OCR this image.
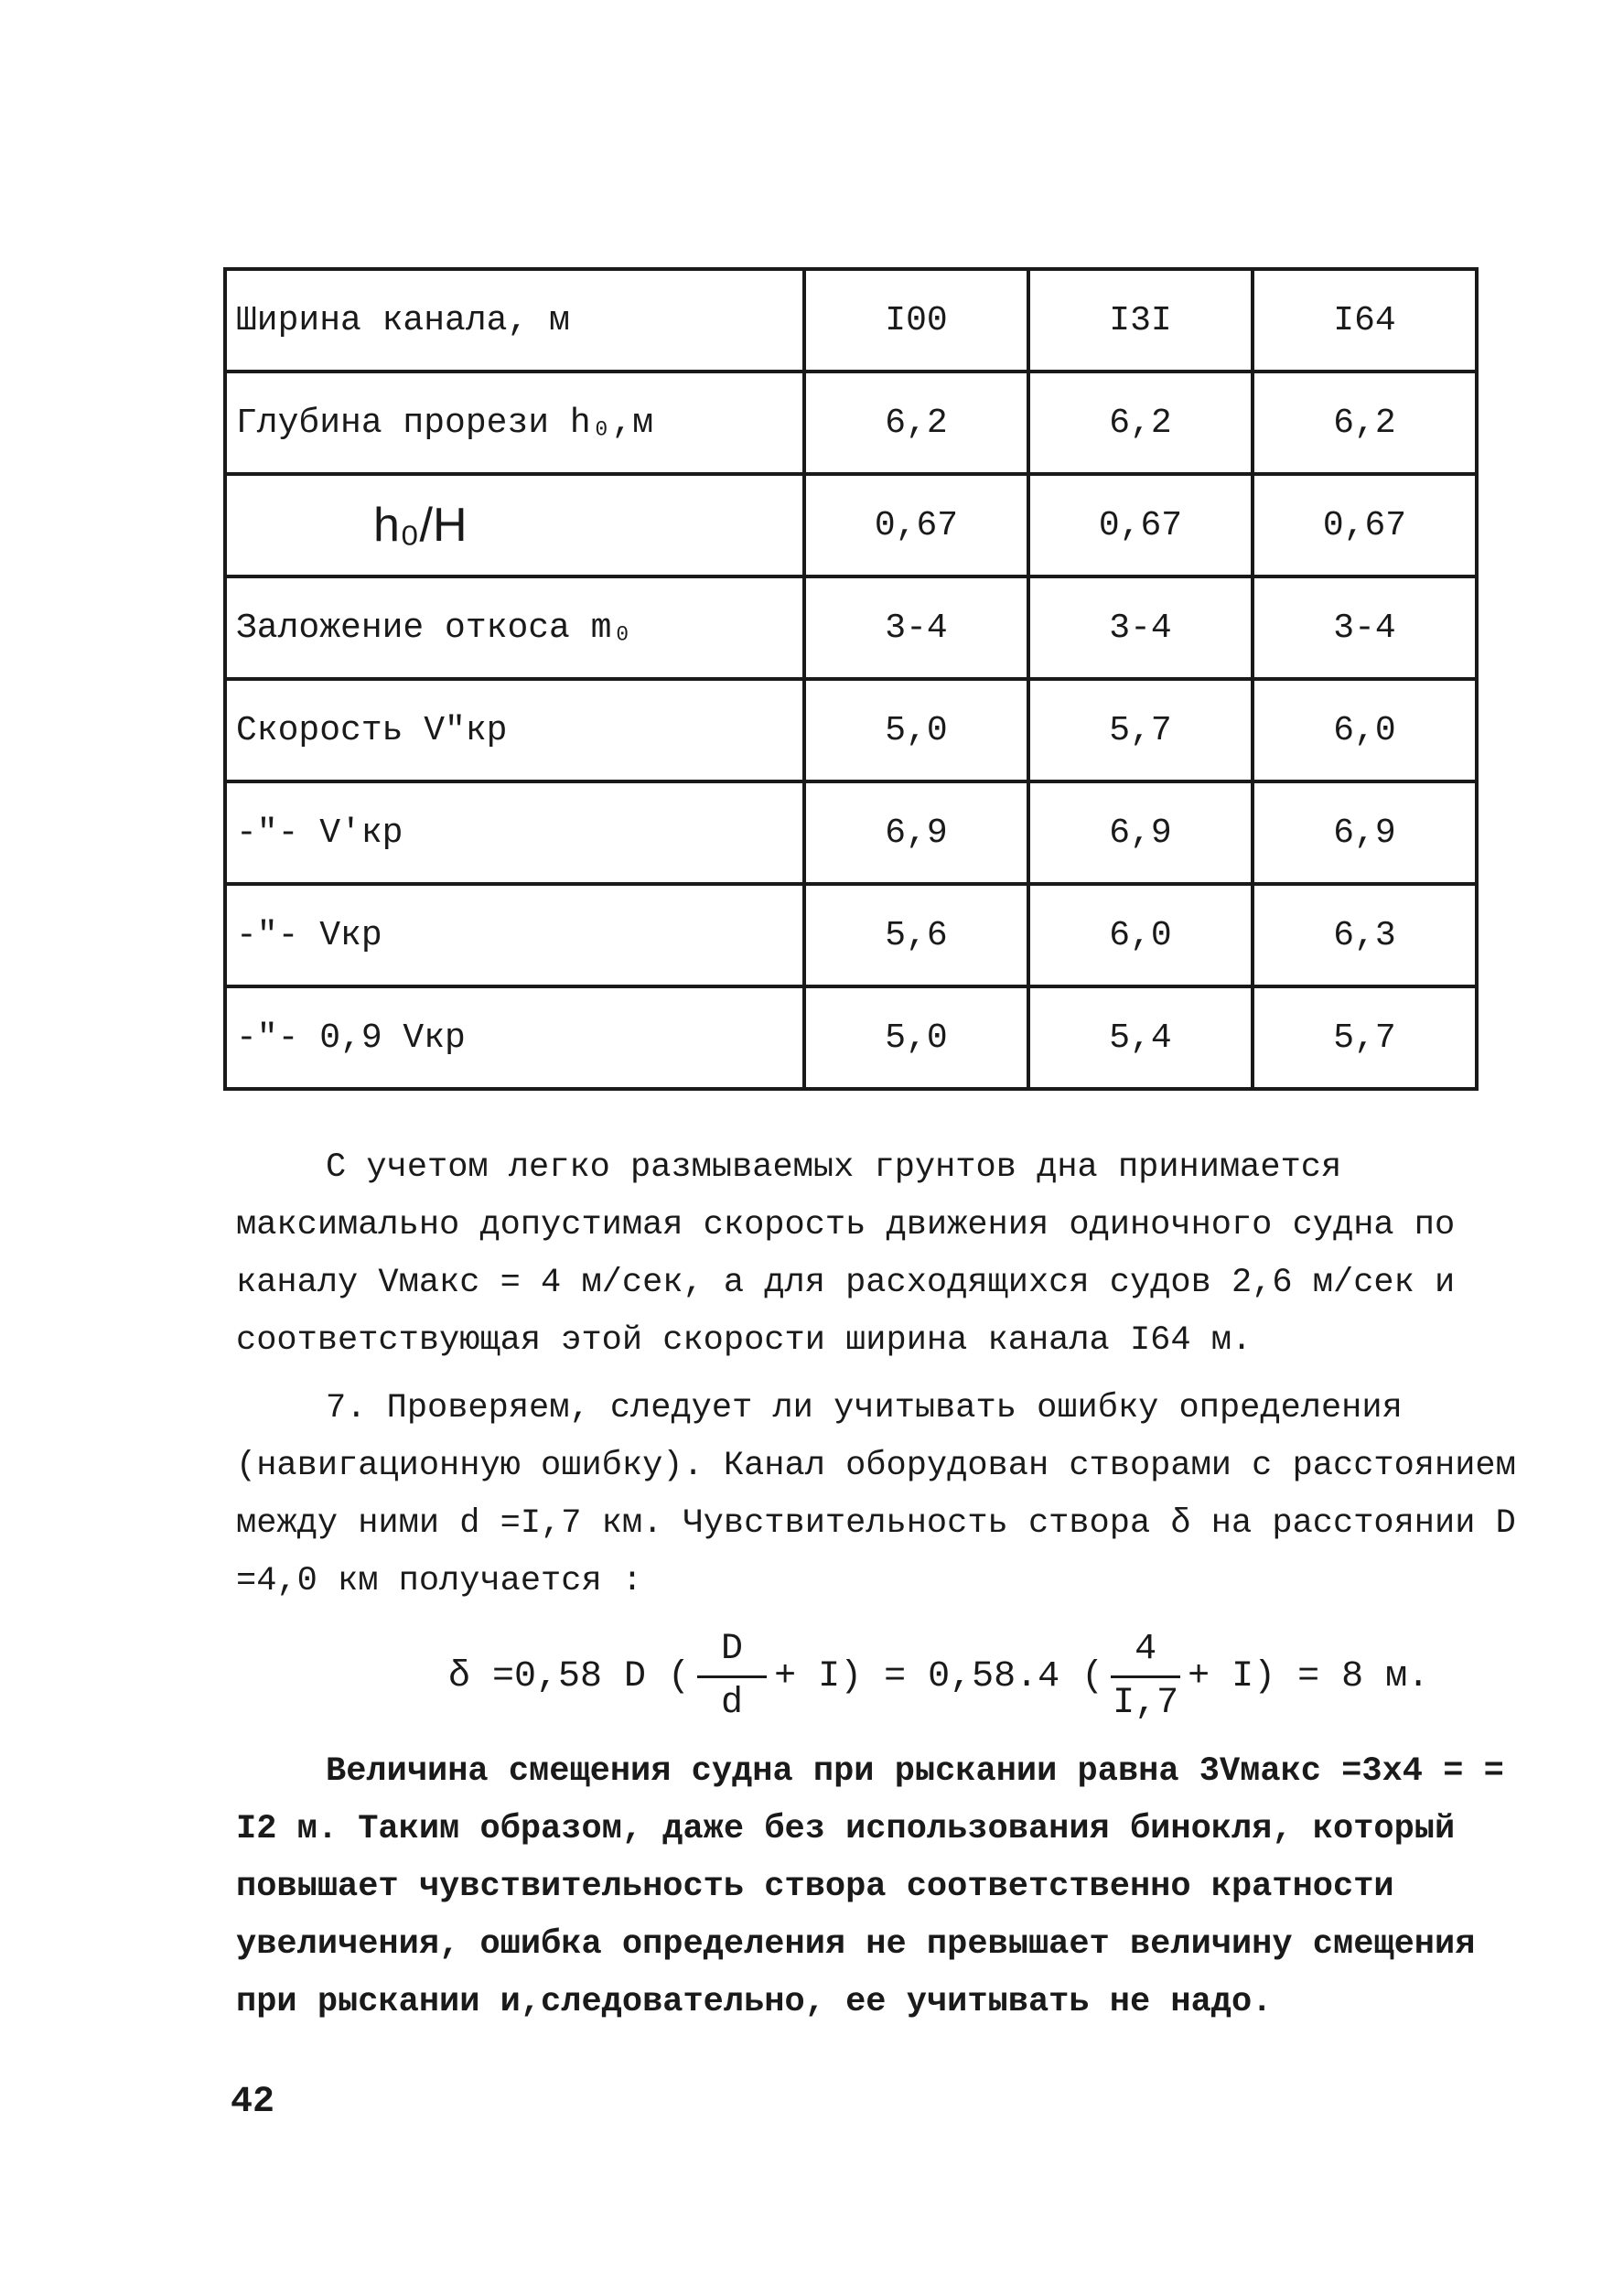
Ширина канала, м	I00	I3I	I64
Глубина прорези h₀,м	6,2	6,2	6,2
h₀/H	0,67	0,67	0,67
Заложение откоса m₀	3-4	3-4	3-4
Скорость V″кр	5,0	5,7	6,0
-"- V′кр	6,9	6,9	6,9
-"- Vкр	5,6	6,0	6,3
-"- 0,9 Vкр	5,0	5,4	5,7

С учетом легко размываемых грунтов дна принимается максимально допустимая скорость движения одиночного судна по каналу Vмакс = 4 м/сек, а для расходящихся судов 2,6 м/сек и соответствующая этой скорости ширина канала I64 м.

7. Проверяем, следует ли учитывать ошибку определения (навигационную ошибку). Канал оборудован створами с расстоянием между ними d =I,7 км. Чувствительность створа δ на расстоянии D =4,0 км получается :

δ =0,58 D ( $\frac{D}{d} + I) = 0,58.4$ ( $\frac{4}{I,7} + I) = 8$ м.

Величина смещения судна при рыскании равна 3Vмакс =3х4 = = I2 м. Таким образом, даже без использования бинокля, который повышает чувствительность створа соответственно кратности увеличения, ошибка определения не превышает величину смещения при рыскании и,следовательно, ее учитывать не надо.

42
